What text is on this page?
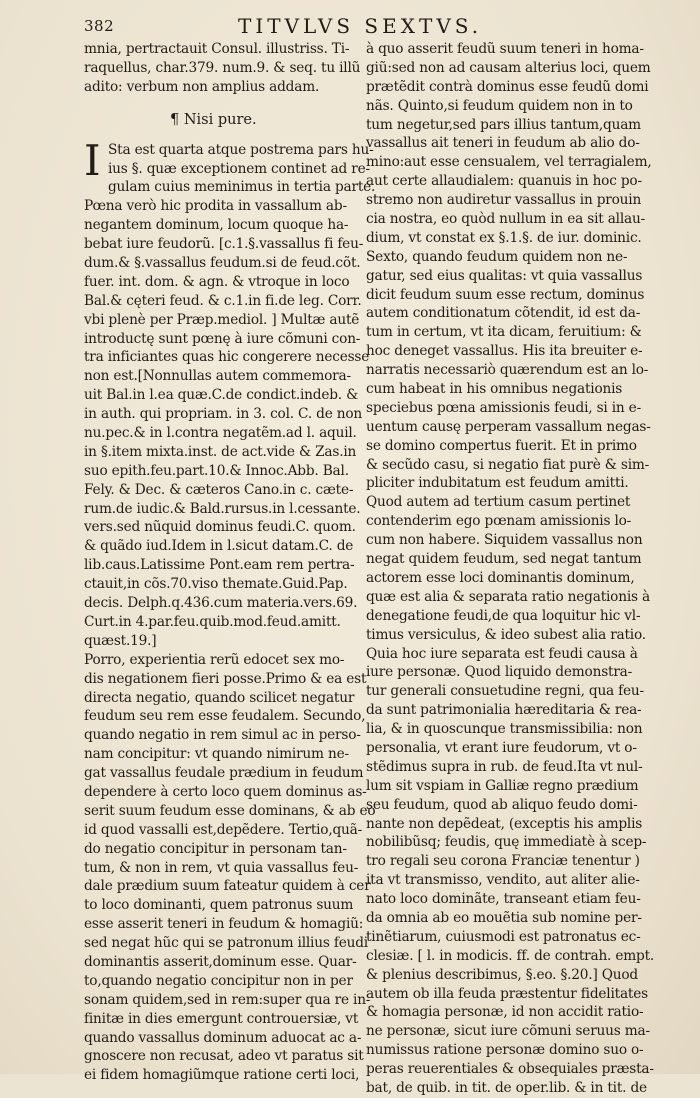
382	TITVLVS SEXTVS.
mnia, pertractauit Consul. illustriss. Ti-
raquellus, char.379. num.9. & seq. tu illũ
adito: verbum non amplius addam.
¶ Nisi pure.
I Sta est quarta atque postrema pars hu-
ius §. quæ exceptionem continet ad re-
gulam cuius meminimus in tertia parte.
Pœna verò hic prodita in vassallum ab-
negantem dominum, locum quoque ha-
bebat iure feudorũ. [c.1.§.vassallus fi feu-
dum.& §.vassallus feudum.si de feud.cõt.
fuer. int. dom. & agn. & vtroque in loco
Bal.& cęteri feud. & c.1.in fi.de leg. Corr.
vbi plenè per Præp.mediol. ] Multæ autẽ
introductę sunt pœnę à iure cõmuni con-
tra inficiantes quas hic congerere necesse
non est.[Nonnullas autem commemora-
uit Bal.in l.ea quæ.C.de condict.indeb. &
in auth. qui propriam. in 3. col. C. de non
nu.pec.& in l.contra negatẽm.ad l. aquil.
in §.item mixta.inst. de act.vide & Zas.in
suo epith.feu.part.10.& Innoc.Abb. Bal.
Fely. & Dec. & cæteros Cano.in c. cæte-
rum.de iudic.& Bald.rursus.in l.cessante.
vers.sed nũquid dominus feudi.C. quom.
& quãdo iud.Idem in l.sicut datam.C. de
lib.caus.Latissime Pont.eam rem pertra-
ctauit,in cõs.70.viso themate.Guid.Pap.
decis. Delph.q.436.cum materia.vers.69.
Curt.in 4.par.feu.quib.mod.feud.amitt.
quæst.19.]
Porro, experientia rerũ edocet sex mo-
dis negationem fieri posse.Primo & ea est
directa negatio, quando scilicet negatur
feudum seu rem esse feudalem. Secundo,
quando negatio in rem simul ac in perso-
nam concipitur: vt quando nimirum ne-
gat vassallus feudale prædium in feudum
dependere à certo loco quem dominus as-
serit suum feudum esse dominans, & ab eo
id quod vassalli est,depẽdere. Tertio,quã-
do negatio concipitur in personam tan-
tum, & non in rem, vt quia vassallus feu-
dale prædium suum fateatur quidem à cer
to loco dominanti, quem patronus suum
esse asserit teneri in feudum & homagiũ:
sed negat hũc qui se patronum illius feudi
dominantis asserit,dominum esse. Quar-
to,quando negatio concipitur non in per
sonam quidem,sed in rem:super qua re in-
finitæ in dies emergunt controuersiæ, vt
quando vassallus dominum aduocat ac a-
gnoscere non recusat, adeo vt paratus sit
ei fidem homagiũmque ratione certi loci,
à quo asserit feudũ suum teneri in homa-
giũ:sed non ad causam alterius loci, quem
prætẽdit contrà dominus esse feudũ domi
nãs. Quinto,si feudum quidem non in to
tum negetur,sed pars illius tantum,quam
vassallus ait teneri in feudum ab alio do-
mino:aut esse censualem, vel terragialem,
aut certe allaudialem: quanuis in hoc po-
stremo non audiretur vassallus in prouin
cia nostra, eo quòd nullum in ea sit allau-
dium, vt constat ex §.1.§. de iur. dominic.
Sexto, quando feudum quidem non ne-
gatur, sed eius qualitas: vt quia vassallus
dicit feudum suum esse rectum, dominus
autem conditionatum cõtendit, id est da-
tum in certum, vt ita dicam, feruitium: &
hoc deneget vassallus. His ita breuiter e-
narratis necessariò quærendum est an lo-
cum habeat in his omnibus negationis
speciebus pœna amissionis feudi, si in e-
uentum causę perperam vassallum negas-
se domino compertus fuerit. Et in primo
& secũdo casu, si negatio fiat purè & sim-
pliciter indubitatum est feudum amitti.
Quod autem ad tertium casum pertinet
contenderim ego pœnam amissionis lo-
cum non habere. Siquidem vassallus non
negat quidem feudum, sed negat tantum
actorem esse loci dominantis dominum,
quæ est alia & separata ratio negationis à
denegatione feudi,de qua loquitur hic vl-
timus versiculus, & ideo subest alia ratio.
Quia hoc iure separata est feudi causa à
iure personæ. Quod liquido demonstra-
tur generali consuetudine regni, qua feu-
da sunt patrimonialia hæreditaria & rea-
lia, & in quoscunque transmissibilia: non
personalia, vt erant iure feudorum, vt o-
stẽdimus supra in rub. de feud.Ita vt nul-
lum sit vspiam in Galliæ regno prædium
seu feudum, quod ab aliquo feudo domi-
nante non depẽdeat, (exceptis his amplis
nobilibũsq; feudis, quę immediatè à scep-
tro regali seu corona Franciæ tenentur )
ita vt transmisso, vendito, aut aliter alie-
nato loco dominãte, transeant etiam feu-
da omnia ab eo mouẽtia sub nomine per-
tinẽtiarum, cuiusmodi est patronatus ec-
clesiæ. [ l. in modicis. ff. de contrah. empt.
& plenius describimus, §.eo. §.20.] Quod
autem ob illa feuda præstentur fidelitates
& homagia personæ, id non accidit ratio-
ne personæ, sicut iure cõmuni seruus ma-
numissus ratione personæ domino suo o-
peras reuerentiales & obsequiales præsta-
bat, de quib. in tit. de oper.lib. & in tit. de
